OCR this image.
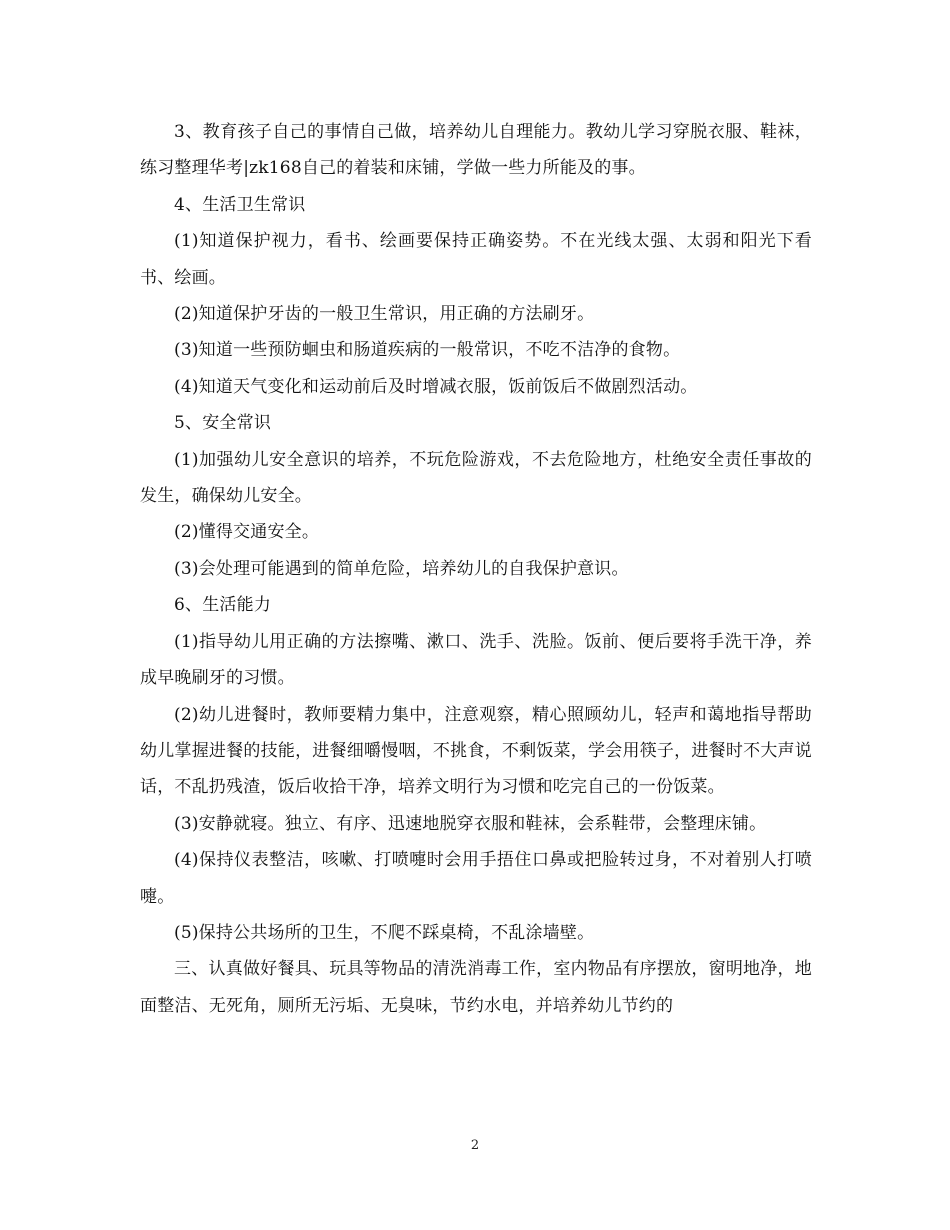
3、教育孩子自己的事情自己做，培养幼儿自理能力。教幼儿学习穿脱衣服、鞋袜，练习整理华考|zk168自己的着装和床铺，学做一些力所能及的事。

4、生活卫生常识

(1)知道保护视力，看书、绘画要保持正确姿势。不在光线太强、太弱和阳光下看书、绘画。

(2)知道保护牙齿的一般卫生常识，用正确的方法刷牙。

(3)知道一些预防蛔虫和肠道疾病的一般常识，不吃不洁净的食物。

(4)知道天气变化和运动前后及时增减衣服，饭前饭后不做剧烈活动。

5、安全常识

(1)加强幼儿安全意识的培养，不玩危险游戏，不去危险地方，杜绝安全责任事故的发生，确保幼儿安全。

(2)懂得交通安全。

(3)会处理可能遇到的简单危险，培养幼儿的自我保护意识。

6、生活能力

(1)指导幼儿用正确的方法擦嘴、漱口、洗手、洗脸。饭前、便后要将手洗干净，养成早晚刷牙的习惯。

(2)幼儿进餐时，教师要精力集中，注意观察，精心照顾幼儿，轻声和蔼地指导帮助幼儿掌握进餐的技能，进餐细嚼慢咽，不挑食，不剩饭菜，学会用筷子，进餐时不大声说话，不乱扔残渣，饭后收拾干净，培养文明行为习惯和吃完自己的一份饭菜。

(3)安静就寝。独立、有序、迅速地脱穿衣服和鞋袜，会系鞋带，会整理床铺。

(4)保持仪表整洁，咳嗽、打喷嚏时会用手捂住口鼻或把脸转过身，不对着别人打喷嚏。

(5)保持公共场所的卫生，不爬不踩桌椅，不乱涂墙壁。

三、认真做好餐具、玩具等物品的清洗消毒工作，室内物品有序摆放，窗明地净，地面整洁、无死角，厕所无污垢、无臭味，节约水电，并培养幼儿节约的

2
